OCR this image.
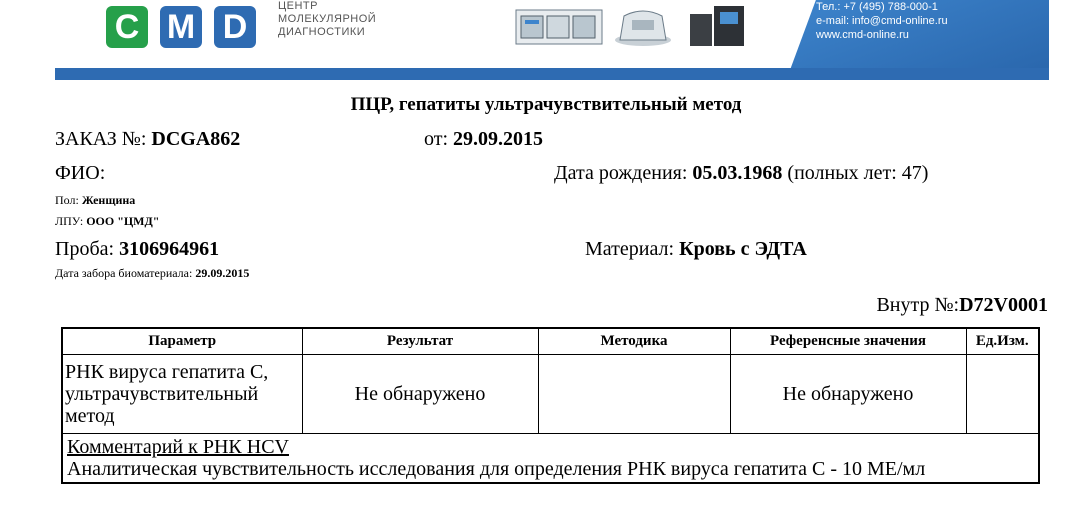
C M D
ЦЕНТР
МОЛЕКУЛЯРНОЙ
ДИАГНОСТИКИ
Тел.: +7 (495) 788-000-1
e-mail: info@cmd-online.ru
www.cmd-online.ru
ПЦР, гепатиты ультрачувствительный метод
ЗАКАЗ №: DCGA862	от: 29.09.2015
ФИО:	Дата рождения: 05.03.1968 (полных лет: 47)
Пол: Женщина
ЛПУ: ООО "ЦМД"
Проба: 3106964961	Материал: Кровь с ЭДТА
Дата забора биоматериала: 29.09.2015
Внутр №:D72V0001
Параметр	Результат	Методика	Референсные значения	Ед.Изм.
РНК вируса гепатита С, ультрачувствительный метод	Не обнаружено		Не обнаружено	

Комментарий к РНК HCV
Аналитическая чувствительность исследования для определения РНК вируса гепатита С - 10 МЕ/мл				
